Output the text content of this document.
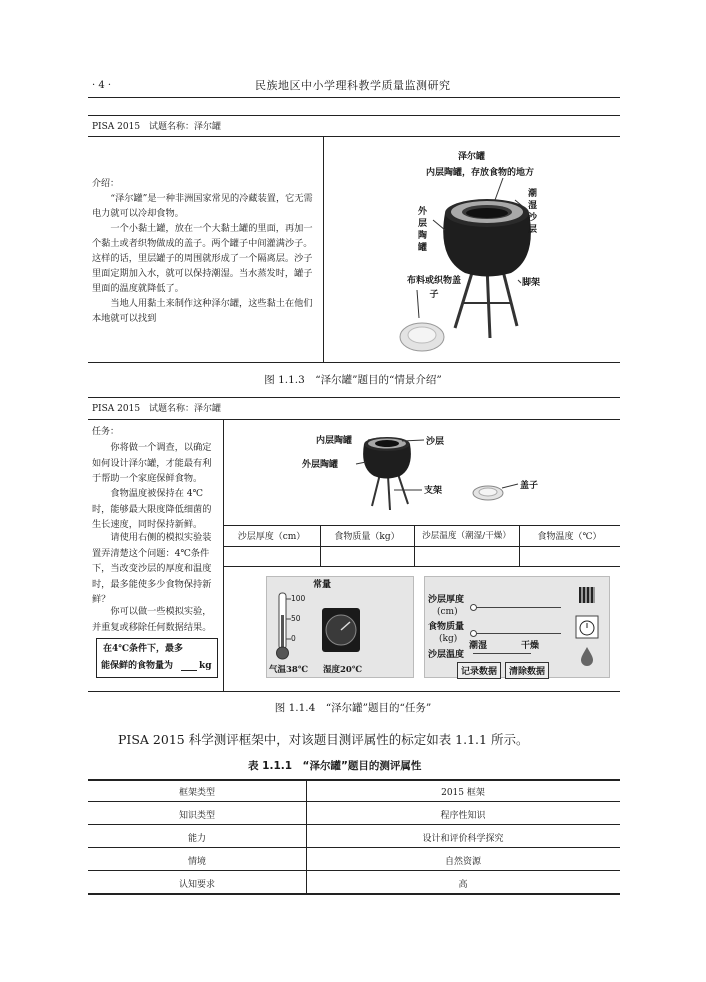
· 4 ·	民族地区中小学理科教学质量监测研究
PISA 2015　试题名称：泽尔罐
介绍：
“泽尔罐”是一种非洲国家常见的冷藏装置，它无需电力就可以冷却食物。
一个小黏土罐，放在一个大黏土罐的里面，再加一个黏土或者织物做成的盖子。两个罐子中间灌满沙子。这样的话，里层罐子的周围就形成了一个隔离层。沙子里面定期加入水，就可以保持潮湿。当水蒸发时，罐子里面的温度就降低了。
当地人用黏土来制作这种泽尔罐，这些黏土在他们本地就可以找到
泽尔罐
内层陶罐，存放食物的地方
潮湿沙层
外层陶罐
布料或织物盖子
脚架
图 1.1.3　“泽尔罐”题目的“情景介绍”
PISA 2015　试题名称：泽尔罐
任务：
你将做一个调查，以确定如何设计泽尔罐，才能最有利于帮助一个家庭保鲜食物。
食物温度被保持在 4℃时，能够最大限度降低细菌的生长速度，同时保持新鲜。
请使用右侧的模拟实验装置弄清楚这个问题：4℃条件下，当改变沙层的厚度和温度时，最多能使多少食物保持新鲜？
你可以做一些模拟实验，并重复或移除任何数据结果。
在4℃条件下，最多
能保鲜的食物量为	kg
内层陶罐	沙层
外层陶罐
支架	盖子
沙层厚度（cm）	食物质量（kg）	沙层温度（潮湿/干燥）	食物温度（℃）
常量
100
50
0
气温38℃ 湿度20℃
沙层厚度
(cm)
食物质量
(kg)
潮湿	干燥
沙层温度
记录数据	清除数据
图 1.1.4　“泽尔罐”题目的“任务”
PISA 2015 科学测评框架中，对该题目测评属性的标定如表 1.1.1 所示。
表 1.1.1　“泽尔罐”题目的测评属性
框架类型	2015 框架
知识类型	程序性知识
能力	设计和评价科学探究
情境	自然资源
认知要求	高
